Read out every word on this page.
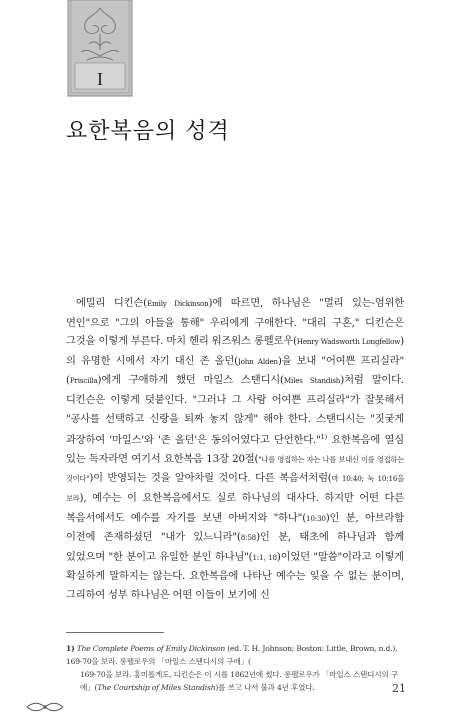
I
요한복음의 성격

에밀리 디킨슨(Emily Dickinson)에 따르면, 하나님은 "멀리 있는-엄위한 연인"으로 "그의 아들을 통해" 우리에게 구애한다. "대리 구혼," 디킨슨은 그것을 이렇게 부른다. 마치 헨리 워즈워스 롱펠로우(Henry Wadsworth Longfellow)의 유명한 시에서 자기 대신 존 올던(John Alden)을 보내 "어여쁜 프리실라"(Priscilla)에게 구애하게 했던 마일스 스탠디시(Miles Standish)처럼 말이다. 디킨슨은 이렇게 덧붙인다. "그러나 그 사람 어여쁜 프리실라"가 잘못해서 "공사를 선택하고 신랑을 퇴짜 놓지 않게" 해야 한다. 스탠디시는 "짓궂게 과장하여 '마일스'와 '존 올던'은 동의어였다고 단언한다."$^{1)}$ 요한복음에 열심 있는 독자라면 여기서 요한복음 13장 20절("나를 영접하는 자는 나를 보내신 이를 영접하는 것이다")이 반영되는 것을 알아차릴 것이다. 다른 복음서처럼(마 10:40; 눅 10:16을 보라), 예수는 이 요한복음에서도 실로 하나님의 대사다. 하지만 어떤 다른 복음서에서도 예수를 자기를 보낸 아버지와 "하나"(10:30)인 분, 아브라함 이전에 존재하셨던 "내가 있느니라"(8:58)인 분, 태초에 하나님과 함께 있었으며 "한 분이고 유일한 분인 하나님"(1:1, 18)이었던 "말씀"이라고 이렇게 확실하게 말하지는 않는다. 요한복음에 나타난 예수는 잊을 수 없는 분이며, 그리하여 성부 하나님은 어떤 이들이 보기에 신

1) The Complete Poems of Emily Dickinson (ed. T. H. Johnson; Boston: Little, Brown, n.d.), 169-70을 보라. 롱펠로우의 「마일스 스탠디시의 구애」(
169-70을 보라. 홍미롭게도, 디킨슨은 이 시를 1862년에 썼다. 롱펠로우가 「마일스 스탠디시의 구
애」(The Courtship of Miles Standish)를 쓰고 나서 불과 4년 후였다.	21
